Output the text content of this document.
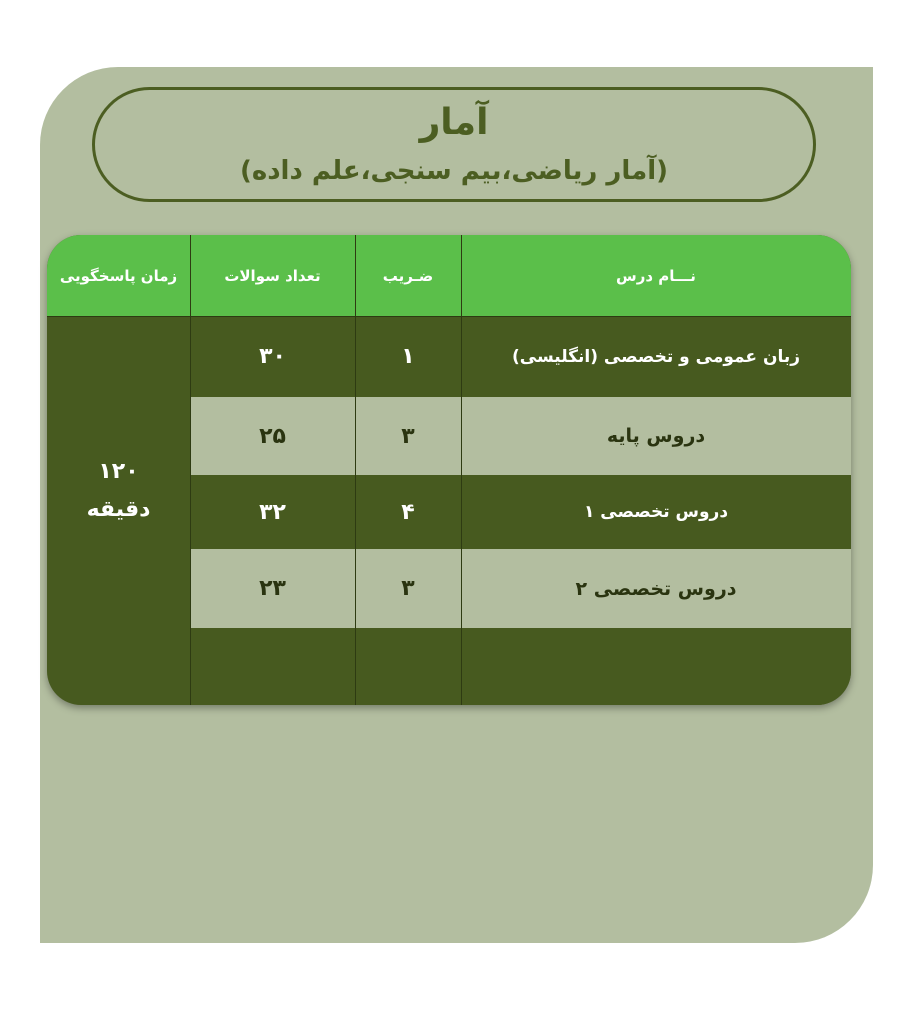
آمار
(آمار ریاضی،بیم سنجی،علم داده)
نـــام درس
ضـریب
تعداد سوالات
زمان پاسخگویی
زبان عمومی و تخصصی (انگلیسی)
۱
۳۰
دروس پایه
۳
۲۵
دروس تخصصی ۱
۴
۳۲
دروس تخصصی ۲
۳
۲۳
۱۲۰
دقیقه
